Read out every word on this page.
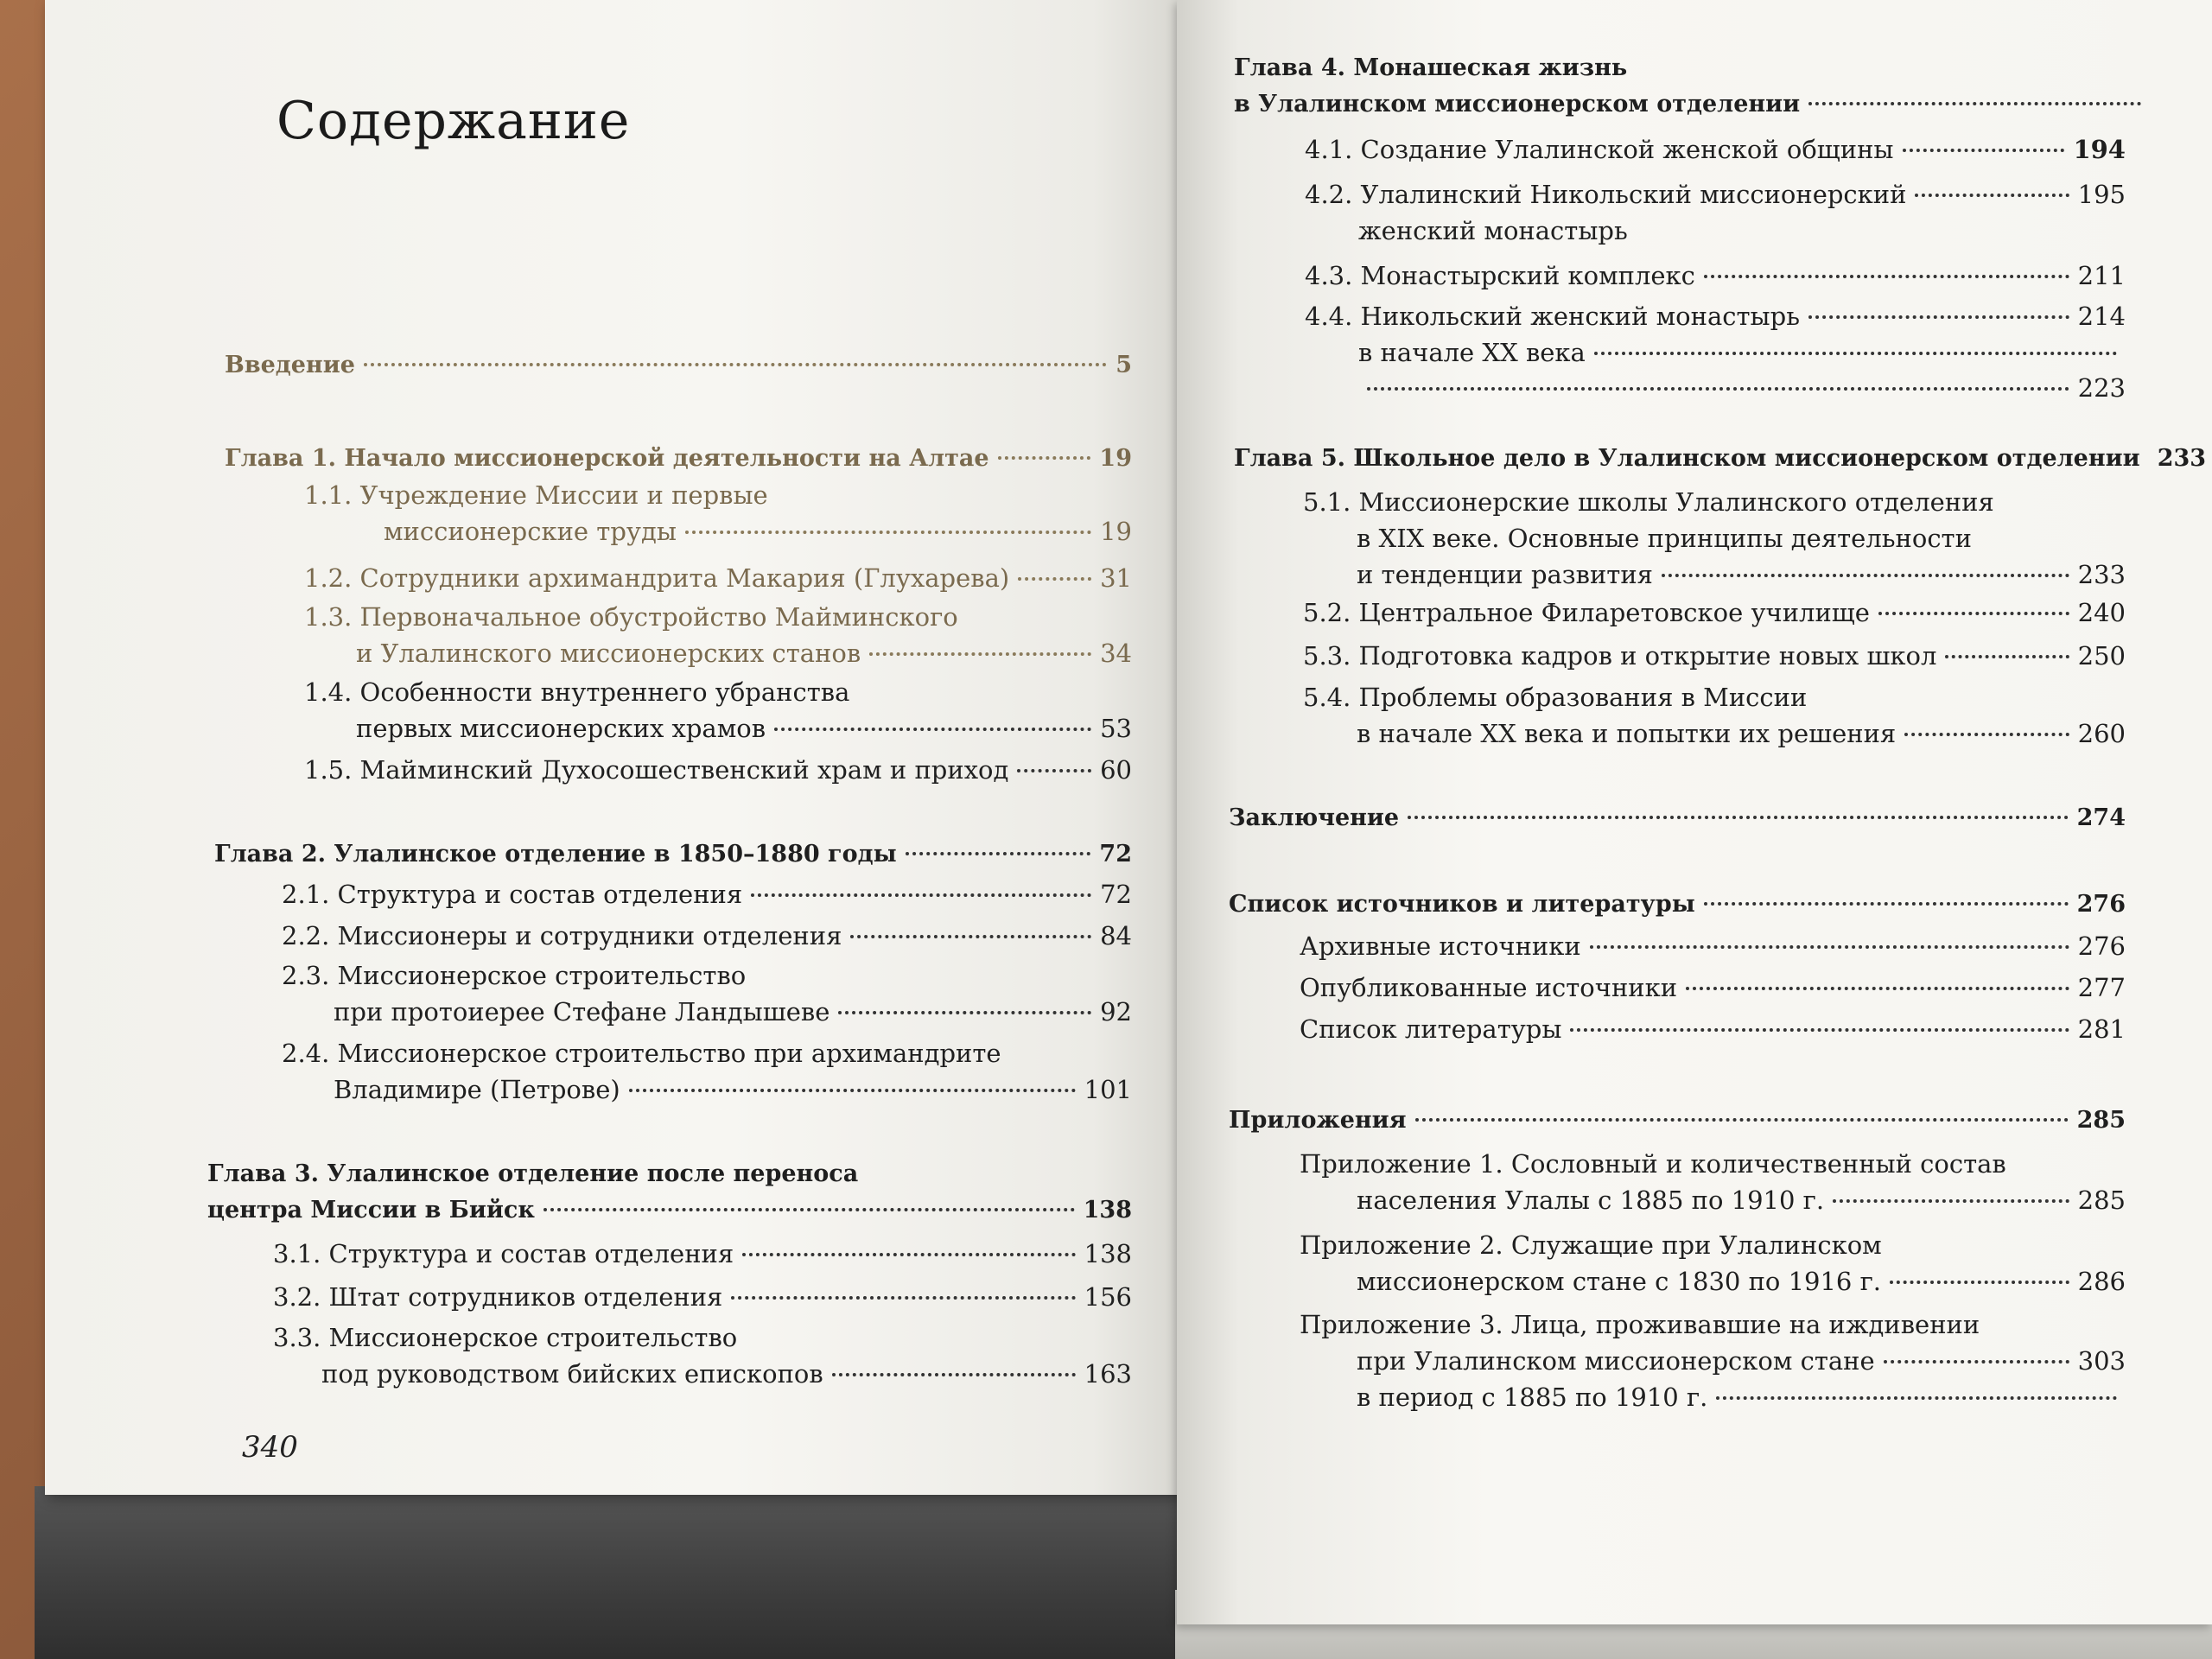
Содержание
Введение	5
Глава 1. Начало миссионерской деятельности на Алтае	19
1.1. Учреждение Миссии и первые
миссионерские труды	19
1.2. Сотрудники архимандрита Макария (Глухарева)	31
1.3. Первоначальное обустройство Майминского
и Улалинского миссионерских станов	34
1.4. Особенности внутреннего убранства
первых миссионерских храмов	53
1.5. Майминский Духосошественский храм и приход	60
Глава 2. Улалинское отделение в 1850–1880 годы	72
2.1. Структура и состав отделения	72
2.2. Миссионеры и сотрудники отделения	84
2.3. Миссионерское строительство
при протоиерее Стефане Ландышеве	92
2.4. Миссионерское строительство при архимандрите
Владимире (Петрове)	101
Глава 3. Улалинское отделение после переноса
центра Миссии в Бийск	138
3.1. Структура и состав отделения	138
3.2. Штат сотрудников отделения	156
3.3. Миссионерское строительство
под руководством бийских епископов	163
340
Глава 4. Монашеская жизнь
в Улалинском миссионерском отделении
4.1. Создание Улалинской женской общины	194
4.2. Улалинский Никольский миссионерский	195
женский монастырь
4.3. Монастырский комплекс	211
4.4. Никольский женский монастырь	214
в начале XX века
223
Глава 5. Школьное дело в Улалинском миссионерском отделении 233
5.1. Миссионерские школы Улалинского отделения
в XIX веке. Основные принципы деятельности
и тенденции развития	233
5.2. Центральное Филаретовское училище	240
5.3. Подготовка кадров и открытие новых школ	250
5.4. Проблемы образования в Миссии
в начале XX века и попытки их решения	260
Заключение	274
Список источников и литературы	276
Архивные источники	276
Опубликованные источники	277
Список литературы	281
Приложения	285
Приложение 1. Сословный и количественный состав
населения Улалы с 1885 по 1910 г.	285
Приложение 2. Служащие при Улалинском
миссионерском стане с 1830 по 1916 г.	286
Приложение 3. Лица, проживавшие на иждивении
при Улалинском миссионерском стане	303
в период с 1885 по 1910 г.
